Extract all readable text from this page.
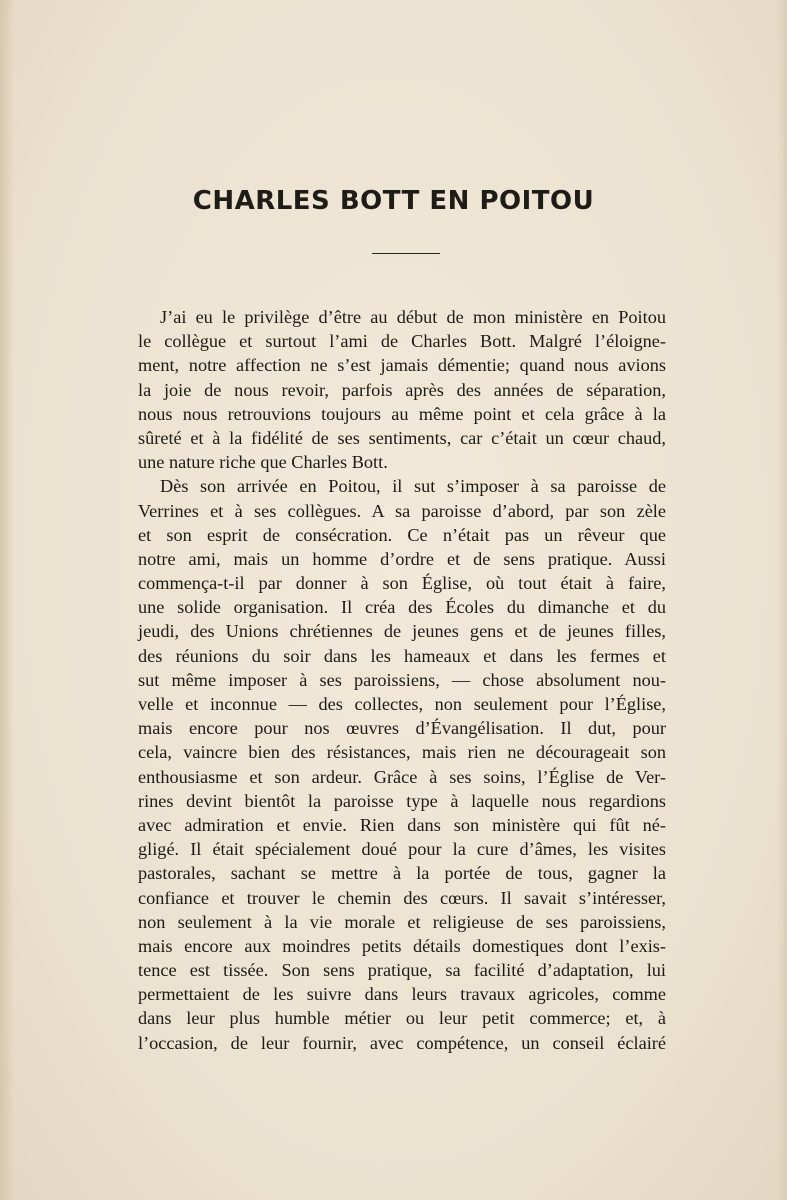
CHARLES BOTT EN POITOU
J’ai eu le privilège d’être au début de mon ministère en Poitou
le collègue et surtout l’ami de Charles Bott. Malgré l’éloigne-
ment, notre affection ne s’est jamais démentie; quand nous avions
la joie de nous revoir, parfois après des années de séparation,
nous nous retrouvions toujours au même point et cela grâce à la
sûreté et à la fidélité de ses sentiments, car c’était un cœur chaud,
une nature riche que Charles Bott.
Dès son arrivée en Poitou, il sut s’imposer à sa paroisse de
Verrines et à ses collègues. A sa paroisse d’abord, par son zèle
et son esprit de consécration. Ce n’était pas un rêveur que
notre ami, mais un homme d’ordre et de sens pratique. Aussi
commença-t-il par donner à son Église, où tout était à faire,
une solide organisation. Il créa des Écoles du dimanche et du
jeudi, des Unions chrétiennes de jeunes gens et de jeunes filles,
des réunions du soir dans les hameaux et dans les fermes et
sut même imposer à ses paroissiens, — chose absolument nou-
velle et inconnue — des collectes, non seulement pour l’Église,
mais encore pour nos œuvres d’Évangélisation. Il dut, pour
cela, vaincre bien des résistances, mais rien ne décourageait son
enthousiasme et son ardeur. Grâce à ses soins, l’Église de Ver-
rines devint bientôt la paroisse type à laquelle nous regardions
avec admiration et envie. Rien dans son ministère qui fût né-
gligé. Il était spécialement doué pour la cure d’âmes, les visites
pastorales, sachant se mettre à la portée de tous, gagner la
confiance et trouver le chemin des cœurs. Il savait s’intéresser,
non seulement à la vie morale et religieuse de ses paroissiens,
mais encore aux moindres petits détails domestiques dont l’exis-
tence est tissée. Son sens pratique, sa facilité d’adaptation, lui
permettaient de les suivre dans leurs travaux agricoles, comme
dans leur plus humble métier ou leur petit commerce; et, à
l’occasion, de leur fournir, avec compétence, un conseil éclairé
